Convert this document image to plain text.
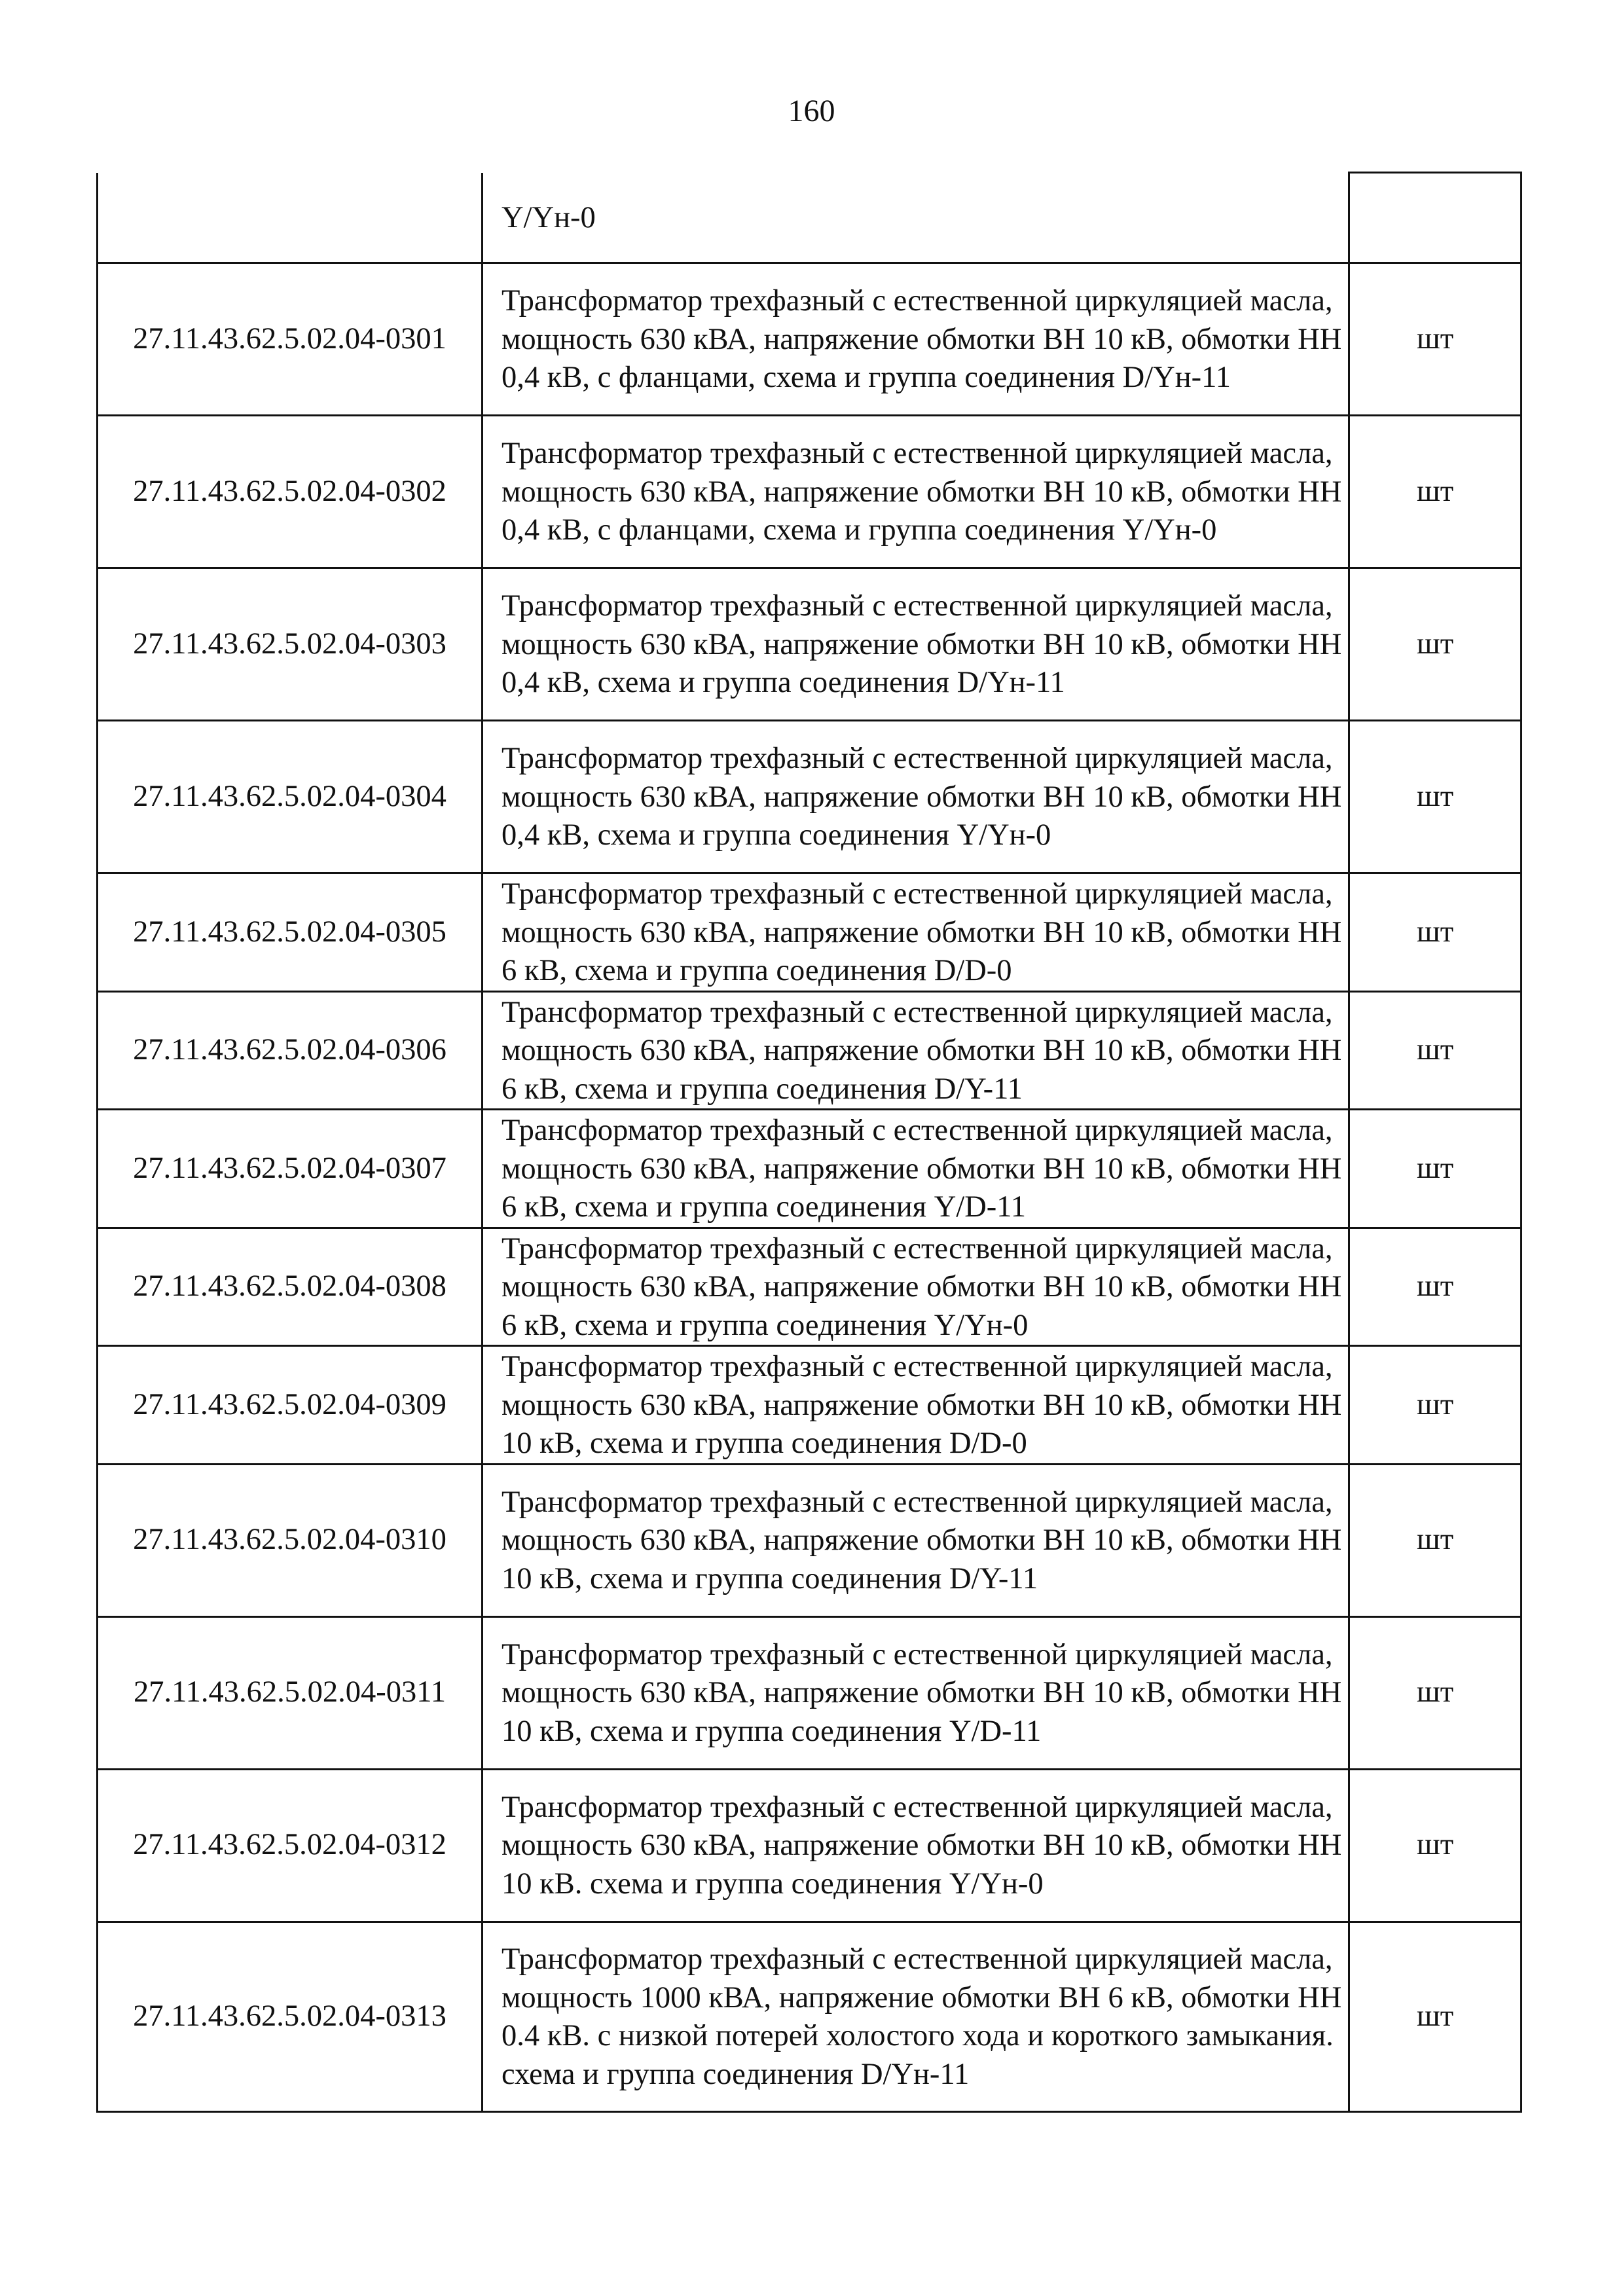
160

	Y/Yн-0	

27.11.43.62.5.02.04-0301	Трансформатор трехфазный с естественной циркуляцией масла, мощность 630 кВА, напряжение обмотки ВН 10 кВ, обмотки НН 0,4 кВ, с фланцами, схема и группа соединения D/Yн-11	шт
27.11.43.62.5.02.04-0302	Трансформатор трехфазный с естественной циркуляцией масла, мощность 630 кВА, напряжение обмотки ВН 10 кВ, обмотки НН 0,4 кВ, с фланцами, схема и группа соединения Y/Yн-0	шт
27.11.43.62.5.02.04-0303	Трансформатор трехфазный с естественной циркуляцией масла, мощность 630 кВА, напряжение обмотки ВН 10 кВ, обмотки НН 0,4 кВ, схема и группа соединения D/Yн-11	шт
27.11.43.62.5.02.04-0304	Трансформатор трехфазный с естественной циркуляцией масла, мощность 630 кВА, напряжение обмотки ВН 10 кВ, обмотки НН 0,4 кВ, схема и группа соединения Y/Yн-0	шт
27.11.43.62.5.02.04-0305	Трансформатор трехфазный с естественной циркуляцией масла, мощность 630 кВА, напряжение обмотки ВН 10 кВ, обмотки НН 6 кВ, схема и группа соединения D/D-0	шт
27.11.43.62.5.02.04-0306	Трансформатор трехфазный с естественной циркуляцией масла, мощность 630 кВА, напряжение обмотки ВН 10 кВ, обмотки НН 6 кВ, схема и группа соединения D/Y-11	шт
27.11.43.62.5.02.04-0307	Трансформатор трехфазный с естественной циркуляцией масла, мощность 630 кВА, напряжение обмотки ВН 10 кВ, обмотки НН 6 кВ, схема и группа соединения Y/D-11	шт
27.11.43.62.5.02.04-0308	Трансформатор трехфазный с естественной циркуляцией масла, мощность 630 кВА, напряжение обмотки ВН 10 кВ, обмотки НН 6 кВ, схема и группа соединения Y/Yн-0	шт
27.11.43.62.5.02.04-0309	Трансформатор трехфазный с естественной циркуляцией масла, мощность 630 кВА, напряжение обмотки ВН 10 кВ, обмотки НН 10 кВ, схема и группа соединения D/D-0	шт
27.11.43.62.5.02.04-0310	Трансформатор трехфазный с естественной циркуляцией масла, мощность 630 кВА, напряжение обмотки ВН 10 кВ, обмотки НН 10 кВ, схема и группа соединения D/Y-11	шт
27.11.43.62.5.02.04-0311	Трансформатор трехфазный с естественной циркуляцией масла, мощность 630 кВА, напряжение обмотки ВН 10 кВ, обмотки НН 10 кВ, схема и группа соединения Y/D-11	шт
27.11.43.62.5.02.04-0312	Трансформатор трехфазный с естественной циркуляцией масла, мощность 630 кВА, напряжение обмотки ВН 10 кВ, обмотки НН 10 кВ. схема и группа соединения Y/Yн-0	шт
27.11.43.62.5.02.04-0313	Трансформатор трехфазный с естественной циркуляцией масла, мощность 1000 кВА, напряжение обмотки ВН 6 кВ, обмотки НН 0.4 кВ. с низкой потерей холостого хода и короткого замыкания. схема и группа соединения D/Yн-11	шт
